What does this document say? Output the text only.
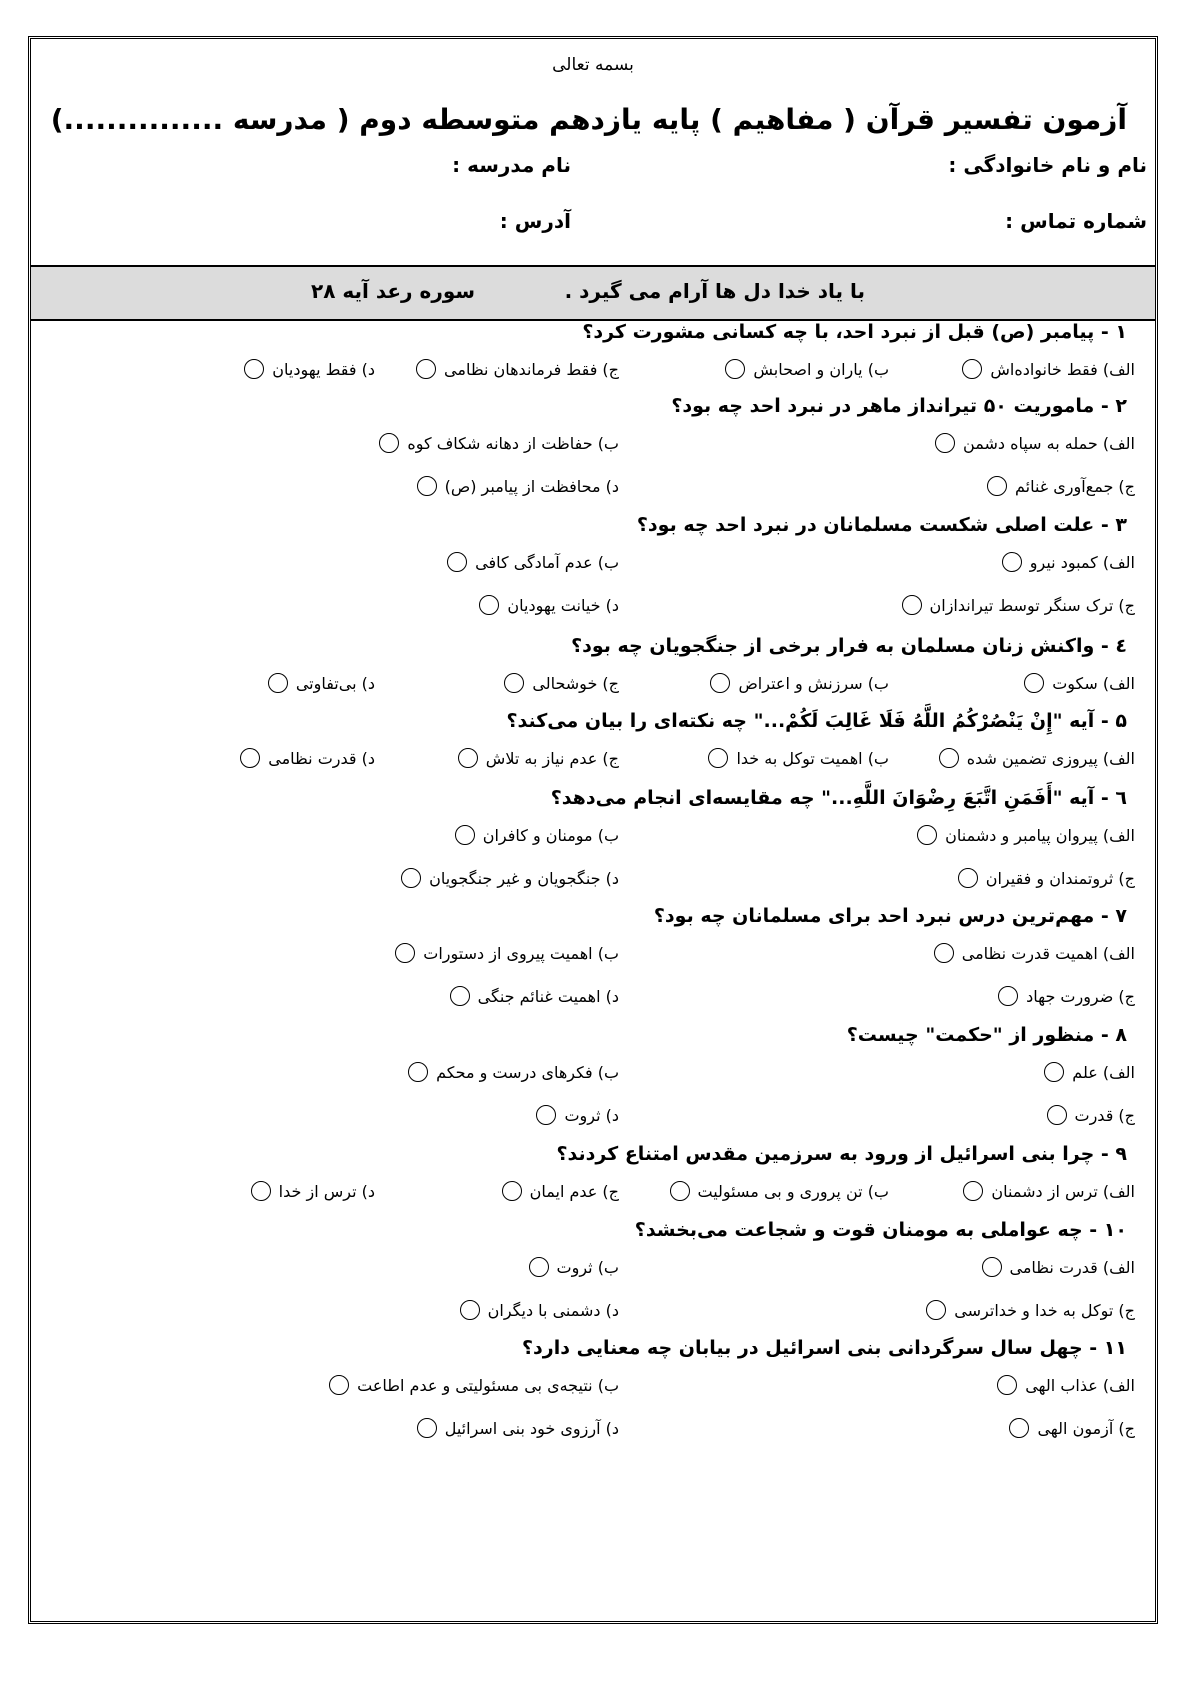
بسمه تعالی
آزمون تفسیر قرآن ( مفاهیم ) پایه یازدهم متوسطه دوم ( مدرسه ...............)
نام و نام خانوادگی :
نام مدرسه :
شماره تماس :
آدرس :
با یاد خدا دل ها آرام می گیرد .
سوره رعد آیه ۲۸
۱ - پیامبر (ص) قبل از نبرد احد، با چه کسانی مشورت کرد؟
الف) فقط خانواده‌اش
ب) یاران و اصحابش
ج) فقط فرماندهان نظامی
د) فقط یهودیان
۲ - ماموریت ۵۰ تیرانداز ماهر در نبرد احد چه بود؟
الف) حمله به سپاه دشمن
ب) حفاظت از دهانه شکاف کوه
ج) جمع‌آوری غنائم
د) محافظت از پیامبر (ص)
۳ - علت اصلی شکست مسلمانان در نبرد احد چه بود؟
الف) کمبود نیرو
ب) عدم آمادگی کافی
ج) ترک سنگر توسط تیراندازان
د) خیانت یهودیان
٤ - واکنش زنان مسلمان به فرار برخی از جنگجویان چه بود؟
الف) سکوت
ب) سرزنش و اعتراض
ج) خوشحالی
د) بی‌تفاوتی
۵ - آیه "إِنْ يَنْصُرْكُمُ اللَّهُ فَلَا غَالِبَ لَكُمْ..." چه نکته‌ای را بیان می‌کند؟
الف) پیروزی تضمین شده
ب) اهمیت توکل به خدا
ج) عدم نیاز به تلاش
د) قدرت نظامی
٦ - آیه "أَفَمَنِ اتَّبَعَ رِضْوَانَ اللَّهِ..." چه مقایسه‌ای انجام می‌دهد؟
الف) پیروان پیامبر و دشمنان
ب) مومنان و کافران
ج) ثروتمندان و فقیران
د) جنگجویان و غیر جنگجویان
۷ - مهم‌ترین درس نبرد احد برای مسلمانان چه بود؟
الف) اهمیت قدرت نظامی
ب) اهمیت پیروی از دستورات
ج) ضرورت جهاد
د) اهمیت غنائم جنگی
۸ - منظور از "حکمت" چیست؟
الف) علم
ب) فکرهای درست و محکم
ج) قدرت
د) ثروت
۹ - چرا بنی اسرائیل از ورود به سرزمین مقدس امتناع کردند؟
الف) ترس از دشمنان
ب) تن پروری و بی مسئولیت
ج) عدم ایمان
د) ترس از خدا
۱۰ - چه عواملی به مومنان قوت و شجاعت می‌بخشد؟
الف) قدرت نظامی
ب) ثروت
ج) توکل به خدا و خداترسی
د) دشمنی با دیگران
۱۱ - چهل سال سرگردانی بنی اسرائیل در بیابان چه معنایی دارد؟
الف) عذاب الهی
ب) نتیجه‌ی بی مسئولیتی و عدم اطاعت
ج) آزمون الهی
د) آرزوی خود بنی اسرائیل
